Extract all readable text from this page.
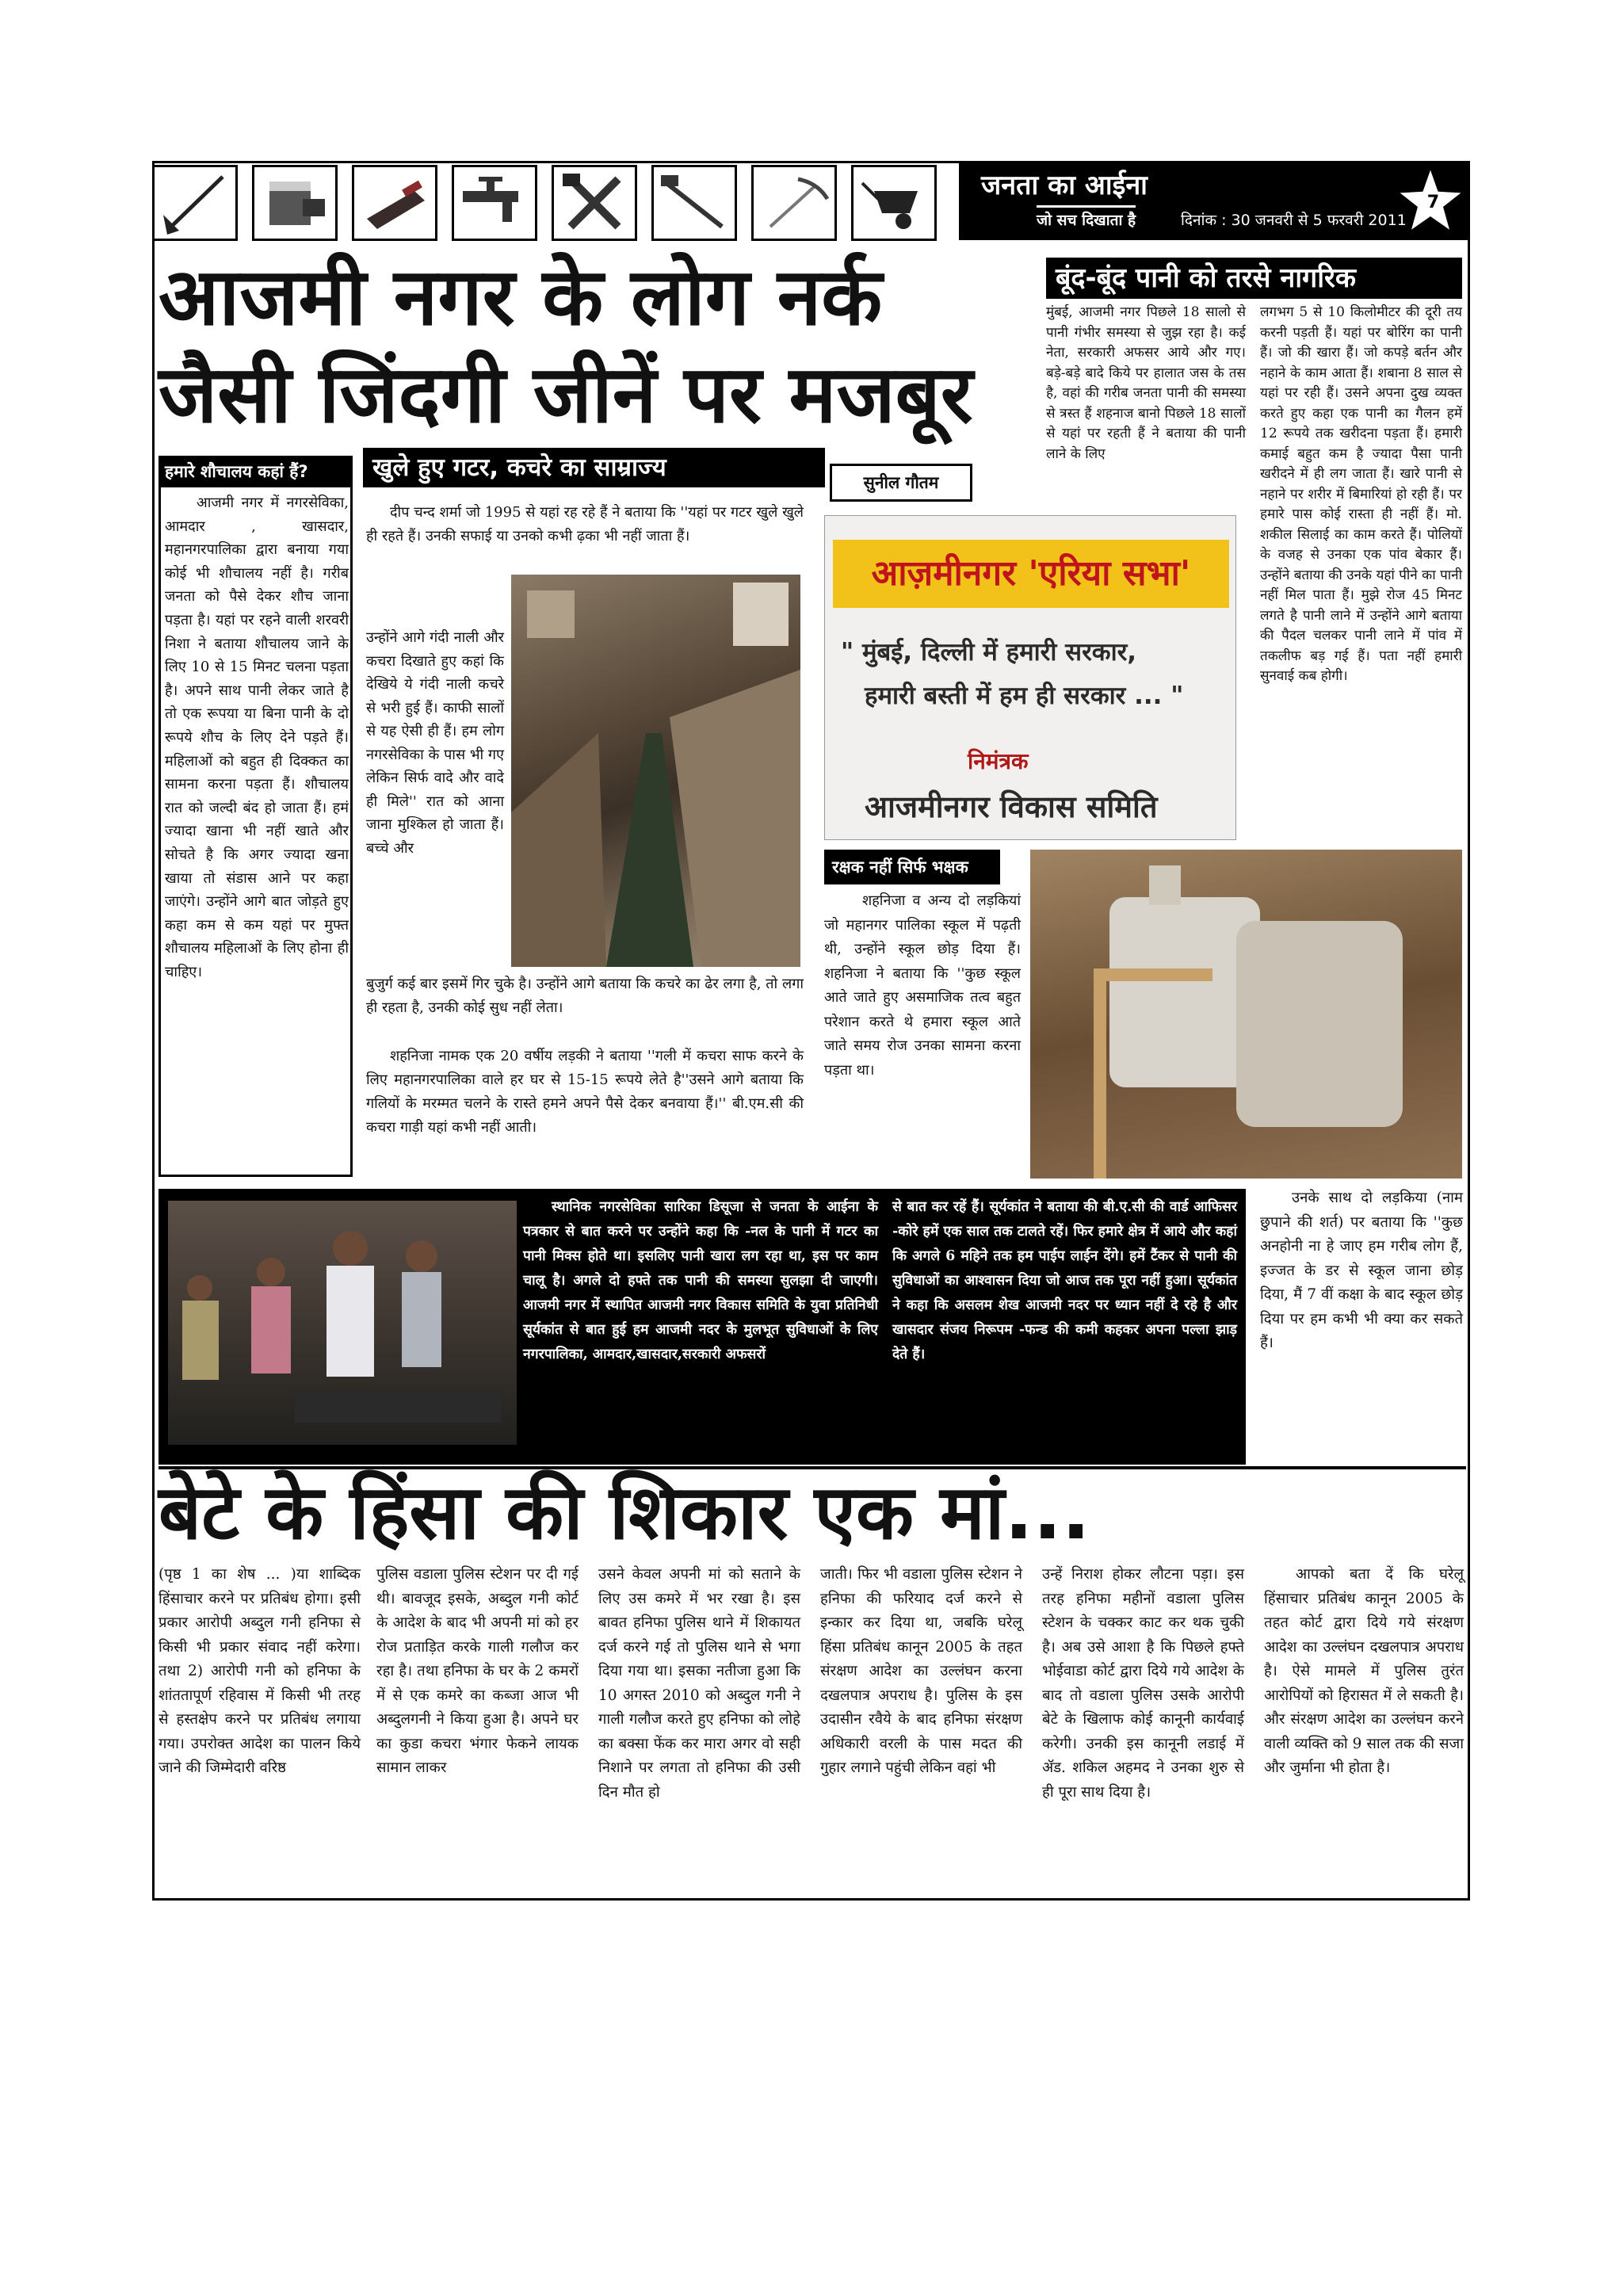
जनता का आईना
जो सच दिखाता है	दिनांक : 30 जनवरी से 5 फरवरी 2011
7
आजमी नगर के लोग नर्क
जैसी जिंदगी जीनें पर मजबूर
बूंद-बूंद पानी को तरसे नागरिक
मुंबई, आजमी नगर पिछले 18 सालो से पानी गंभीर समस्या से जुझ रहा है। कई नेता, सरकारी अफसर आये और गए। बड़े-बड़े बादे किये पर हालात जस के तस है, वहां की गरीब जनता पानी की समस्या से त्रस्त हैं शहनाज बानो पिछले 18 सालों से यहां पर रहती हैं ने बताया की पानी लाने के लिए
लगभग 5 से 10 किलोमीटर की दूरी तय करनी पड़ती हैं। यहां पर बोरिंग का पानी हैं। जो की खारा हैं। जो कपड़े बर्तन और नहाने के काम आता हैं। शबाना 8 साल से यहां पर रही हैं। उसने अपना दुख व्यक्त करते हुए कहा एक पानी का गैलन हमें 12 रूपये तक खरीदना पड़ता हैं। हमारी कमाई बहुत कम है ज्यादा पैसा पानी खरीदने में ही लग जाता हैं। खारे पानी से नहाने पर शरीर में बिमारियां हो रही हैं। पर हमारे पास कोई रास्ता ही नहीं हैं। मो. शकील सिलाई का काम करते हैं। पोलियों के वजह से उनका एक पांव बेकार हैं। उन्होंने बताया की उनके यहां पीने का पानी नहीं मिल पाता हैं। मुझे रोज 45 मिनट लगते है पानी लाने में उन्होंने आगे बताया की पैदल चलकर पानी लाने में पांव में तकलीफ बड़ गई हैं। पता नहीं हमारी सुनवाई कब होगी।
हमारे शौचालय कहां हैं?
आजमी नगर में नगरसेविका, आमदार , खासदार, महानगरपालिका द्वारा बनाया गया कोई भी शौचालय नहीं है। गरीब जनता को पैसे देकर शौच जाना पड़ता है। यहां पर रहने वाली शरवरी निशा ने बताया शौचालय जाने के लिए 10 से 15 मिनट चलना पड़ता है। अपने साथ पानी लेकर जाते है तो एक रूपया या बिना पानी के दो रूपये शौच के लिए देने पड़ते हैं। महिलाओं को बहुत ही दिक्कत का सामना करना पड़ता हैं। शौचालय रात को जल्दी बंद हो जाता हैं। हमं ज्यादा खाना भी नहीं खाते और सोचते है कि अगर ज्यादा खना खाया तो संडास आने पर कहा जाएंगे। उन्होंने आगे बात जोड़ते हुए कहा कम से कम यहां पर मुफ्त शौचालय महिलाओं के लिए होना ही चाहिए।
खुले हुए गटर, कचरे का साम्राज्य
दीप चन्द शर्मा जो 1995 से यहां रह रहे हैं ने बताया कि ''यहां पर गटर खुले खुले ही रहते हैं। उनकी सफाई या उनको कभी ढ़का भी नहीं जाता हैं।
उन्होंने आगे गंदी नाली और कचरा दिखाते हुए कहां कि देखिये ये गंदी नाली कचरे से भरी हुई हैं। काफी सालों से यह ऐसी ही हैं। हम लोग नगरसेविका के पास भी गए लेकिन सिर्फ वादे और वादे ही मिले'' रात को आना जाना मुश्किल हो जाता हैं। बच्चे और
बुजुर्ग कई बार इसमें गिर चुके है। उन्होंने आगे बताया कि कचरे का ढेर लगा है, तो लगा ही रहता है, उनकी कोई सुध नहीं लेता।
शहनिजा नामक एक 20 वर्षीय लड़की ने बताया ''गली में कचरा साफ करने के लिए महानगरपालिका वाले हर घर से 15-15 रूपये लेते है''उसने आगे बताया कि गलियों के मरम्मत चलने के रास्ते हमने अपने पैसे देकर बनवाया हैं।'' बी.एम.सी की कचरा गाड़ी यहां कभी नहीं आती।
सुनील गौतम
आज़मीनगर 'एरिया सभा'
" मुंबई, दिल्ली में हमारी सरकार,
हमारी बस्ती में हम ही सरकार ... "
निमंत्रक
आजमीनगर विकास समिति
रक्षक नहीं सिर्फ भक्षक
शहनिजा व अन्य दो लड़कियां जो महानगर पालिका स्कूल में पढ़ती थी, उन्होंने स्कूल छोड़ दिया हैं। शहनिजा ने बताया कि ''कुछ स्कूल आते जाते हुए असमाजिक तत्व बहुत परेशान करते थे हमारा स्कूल आते जाते समय रोज उनका सामना करना पड़ता था।
उनके साथ दो लड़किया (नाम छुपाने की शर्त) पर बताया कि ''कुछ अनहोनी ना हे जाए हम गरीब लोग हैं, इज्जत के डर से स्कूल जाना छोड़ दिया, मैं 7 वीं कक्षा के बाद स्कूल छोड़ दिया पर हम कभी भी क्या कर सकते हैं।
स्थानिक नगरसेविका सारिका डिसूजा से जनता के आईना के पत्रकार से बात करने पर उन्होंने कहा कि -नल के पानी में गटर का पानी मिक्स होते था। इसलिए पानी खारा लग रहा था, इस पर काम चालू है। अगले दो हफ्ते तक पानी की समस्या सुलझा दी जाएगी। आजमी नगर में स्थापित आजमी नगर विकास समिति के युवा प्रतिनिधी सूर्यकांत से बात हुई हम आजमी नदर के मुलभूत सुविधाओं के लिए नगरपालिका, आमदार,खासदार,सरकारी अफसरों
से बात कर रहें हैं। सूर्यकांत ने बताया की बी.ए.सी की वार्ड आफिसर -कोरे हमें एक साल तक टालते रहें। फिर हमारे क्षेत्र में आये और कहां कि अगले 6 महिने तक हम पाईप लाईन देंगे। हमें टैंकर से पानी की सुविधाओं का आश्वासन दिया जो आज तक पूरा नहीं हुआ। सूर्यकांत ने कहा कि असलम शेख आजमी नदर पर ध्यान नहीं दे रहे है और खासदार संजय निरूपम -फन्ड की कमी कहकर अपना पल्ला झाड़ देते हैं।
बेटे के हिंसा की शिकार एक मां...
(पृष्ठ 1 का शेष ... )या शाब्दिक हिंसाचार करने पर प्रतिबंध होगा। इसी प्रकार आरोपी अब्दुल गनी हनिफा से किसी भी प्रकार संवाद नहीं करेगा। तथा 2) आरोपी गनी को हनिफा के शांततापूर्ण रहिवास में किसी भी तरह से हस्तक्षेप करने पर प्रतिबंध लगाया गया। उपरोक्त आदेश का पालन किये जाने की जिम्मेदारी वरिष्ठ
पुलिस वडाला पुलिस स्टेशन पर दी गई थी। बावजूद इसके, अब्दुल गनी कोर्ट के आदेश के बाद भी अपनी मां को हर रोज प्रताड़ित करके गाली गलौज कर रहा है। तथा हनिफा के घर के 2 कमरों में से एक कमरे का कब्जा आज भी अब्दुलगनी ने किया हुआ है। अपने घर का कुडा कचरा भंगार फेकने लायक सामान लाकर
उसने केवल अपनी मां को सताने के लिए उस कमरे में भर रखा है। इस बावत हनिफा पुलिस थाने में शिकायत दर्ज करने गई तो पुलिस थाने से भगा दिया गया था। इसका नतीजा हुआ कि 10 अगस्त 2010 को अब्दुल गनी ने गाली गलौज करते हुए हनिफा को लोहे का बक्सा फेंक कर मारा अगर वो सही निशाने पर लगता तो हनिफा की उसी दिन मौत हो
जाती। फिर भी वडाला पुलिस स्टेशन ने हनिफा की फरियाद दर्ज करने से इन्कार कर दिया था, जबकि घरेलू हिंसा प्रतिबंध कानून 2005 के तहत संरक्षण आदेश का उल्लंघन करना दखलपात्र अपराध है। पुलिस के इस उदासीन रवैये के बाद हनिफा संरक्षण अधिकारी वरली के पास मदत की गुहार लगाने पहुंची लेकिन वहां भी
उन्हें निराश होकर लौटना पड़ा। इस तरह हनिफा महीनों वडाला पुलिस स्टेशन के चक्कर काट कर थक चुकी है। अब उसे आशा है कि पिछले हफ्ते भोईवाडा कोर्ट द्वारा दिये गये आदेश के बाद तो वडाला पुलिस उसके आरोपी बेटे के खिलाफ कोई कानूनी कार्यवाई करेगी। उनकी इस कानूनी लडाई में ॲड. शकिल अहमद ने उनका शुरु से ही पूरा साथ दिया है।
आपको बता दें कि घरेलू हिंसाचार प्रतिबंध कानून 2005 के तहत कोर्ट द्वारा दिये गये संरक्षण आदेश का उल्लंघन दखलपात्र अपराध है। ऐसे मामले में पुलिस तुरंत आरोपियों को हिरासत में ले सकती है। और संरक्षण आदेश का उल्लंघन करने वाली व्यक्ति को 9 साल तक की सजा और जुर्माना भी होता है।
